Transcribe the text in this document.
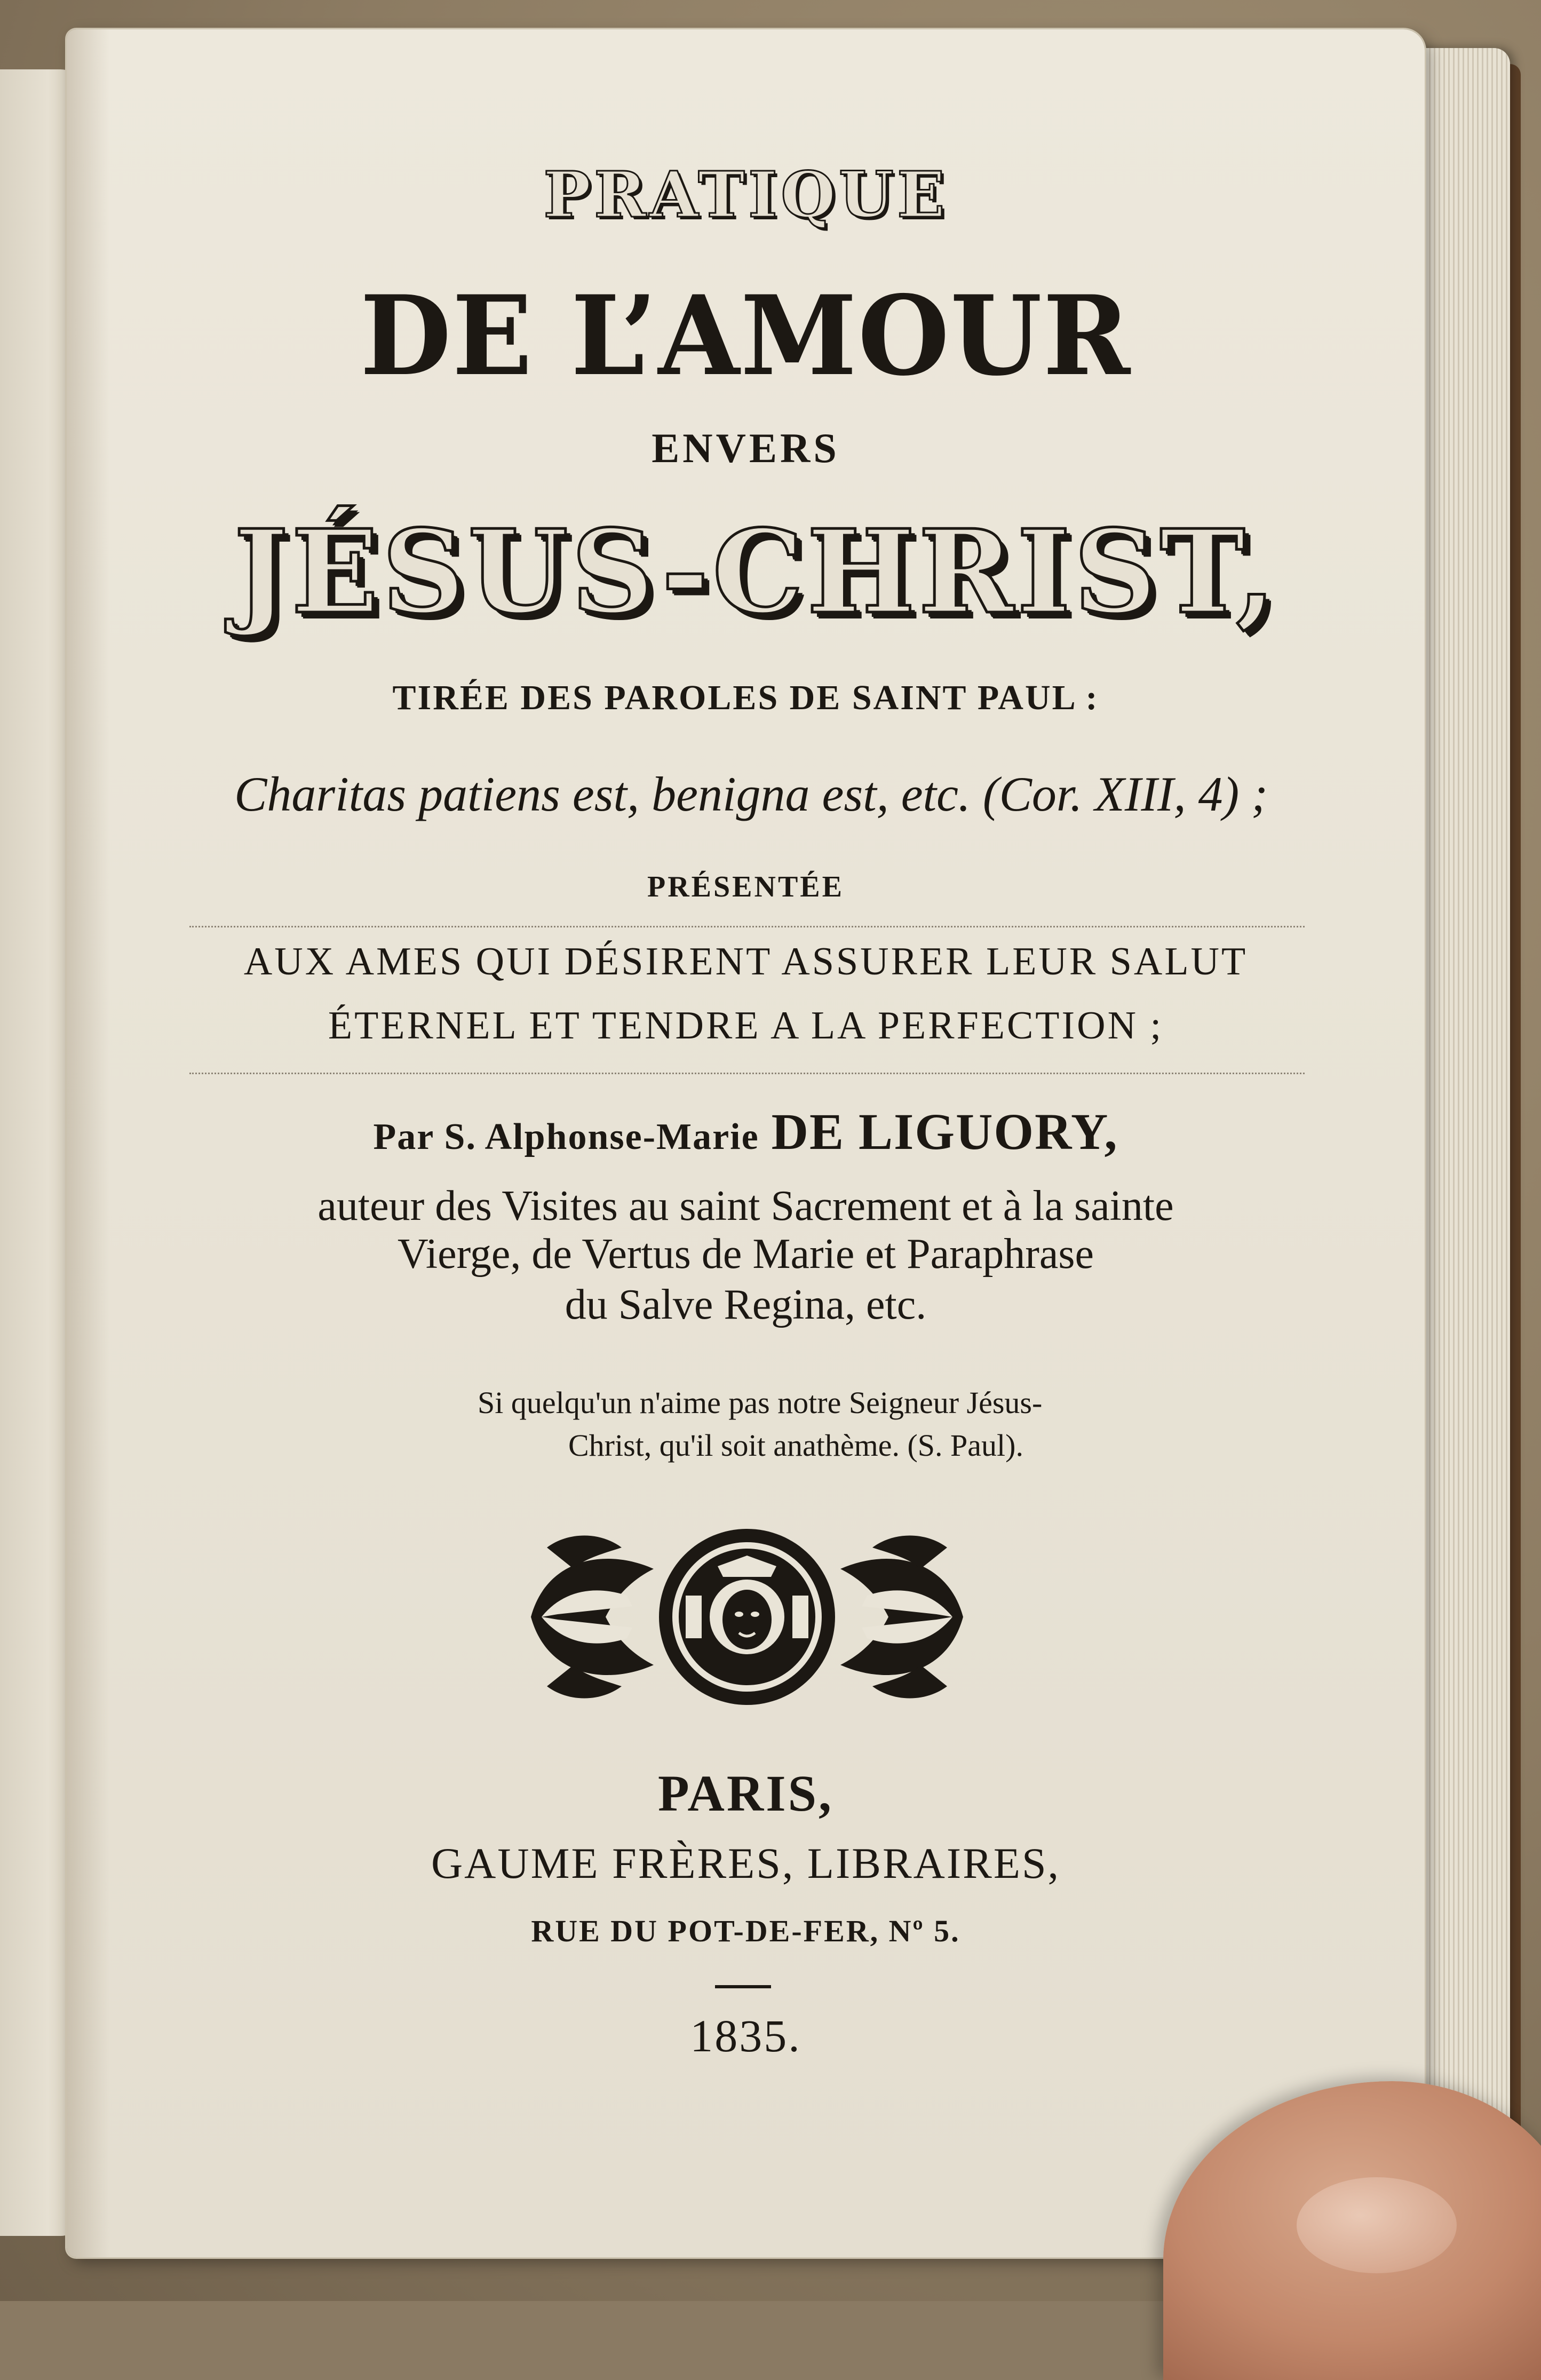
PRATIQUE

DE L’AMOUR

ENVERS

JÉSUS-CHRIST,

TIRÉE DES PAROLES DE SAINT PAUL :

Charitas patiens est, benigna est, etc. (Cor. XIII, 4) ;

PRÉSENTÉE

AUX AMES QUI DÉSIRENT ASSURER LEUR SALUT

ÉTERNEL ET TENDRE A LA PERFECTION ;

Par S. Alphonse-Marie DE LIGUORY,

auteur des Visites au saint Sacrement et à la sainte

Vierge, de Vertus de Marie et Paraphrase

du Salve Regina, etc.

Si quelqu'un n'aime pas notre Seigneur Jésus-

Christ, qu'il soit anathème. (S. Paul).

PARIS,

GAUME FRÈRES, LIBRAIRES,

RUE DU POT-DE-FER, Nº 5.

1835.
